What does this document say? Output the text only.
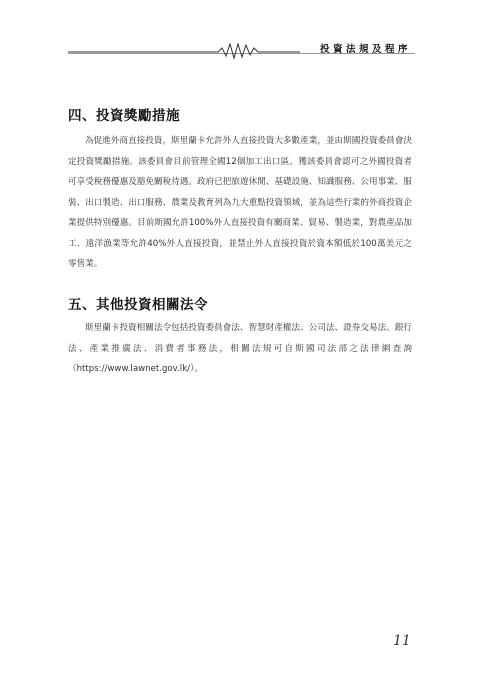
投資法規及程序
四、投資獎勵措施

為促進外商直接投資，斯里蘭卡允許外人直接投資大多數產業，並由斯國投資委員會決定投資獎勵措施。該委員會目前管理全國12個加工出口區。獲該委員會認可之外國投資者可享受稅務優惠及豁免關稅待遇。政府已把旅遊休閒、基礎設施、知識服務、公用事業、服裝、出口製造、出口服務、農業及教育列為九大重點投資領域，並為這些行業的外商投資企業提供特別優惠。目前斯國允許100%外人直接投資有關商業、貿易、製造業，對農產品加工、遠洋漁業等允許40%外人直接投資，並禁止外人直接投資於資本額低於100萬美元之零售業。

五、其他投資相關法令

斯里蘭卡投資相關法令包括投資委員會法、智慧財產權法、公司法、證券交易法、銀行法、產業推廣法、消費者事務法，相關法規可自斯國司法部之法律網查詢（https://www.lawnet.gov.lk/）。

11
